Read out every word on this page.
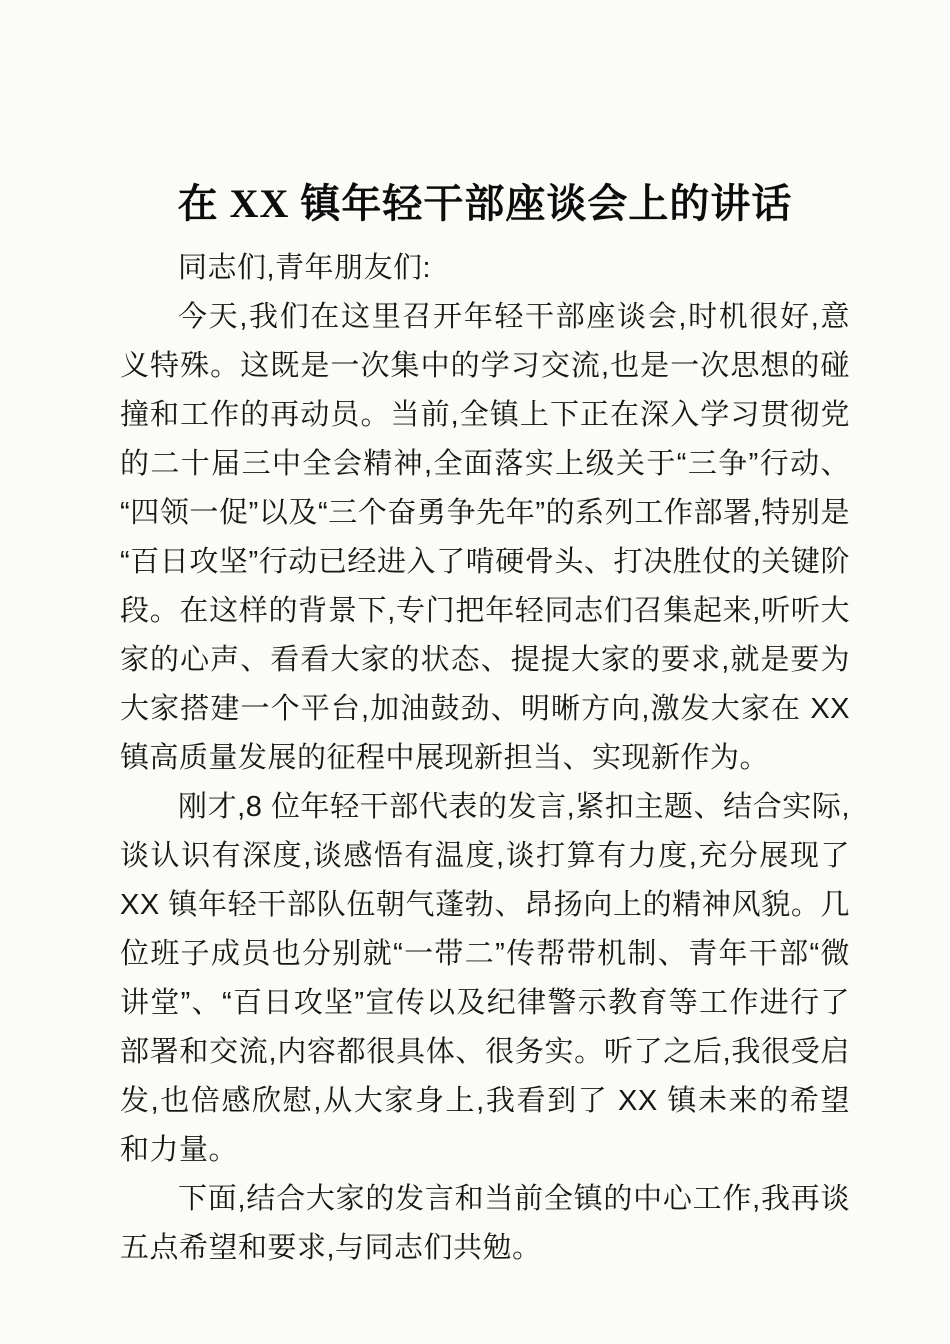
在 XX 镇年轻干部座谈会上的讲话

同志们,青年朋友们:

今天,我们在这里召开年轻干部座谈会,时机很好,意义特殊。这既是一次集中的学习交流,也是一次思想的碰撞和工作的再动员。当前,全镇上下正在深入学习贯彻党的二十届三中全会精神,全面落实上级关于“三争”行动、“四领一促”以及“三个奋勇争先年”的系列工作部署,特别是“百日攻坚”行动已经进入了啃硬骨头、打决胜仗的关键阶段。在这样的背景下,专门把年轻同志们召集起来,听听大家的心声、看看大家的状态、提提大家的要求,就是要为大家搭建一个平台,加油鼓劲、明晰方向,激发大家在 XX 镇高质量发展的征程中展现新担当、实现新作为。

刚才,8 位年轻干部代表的发言,紧扣主题、结合实际,谈认识有深度,谈感悟有温度,谈打算有力度,充分展现了 XX 镇年轻干部队伍朝气蓬勃、昂扬向上的精神风貌。几位班子成员也分别就“一带二”传帮带机制、青年干部“微讲堂”、“百日攻坚”宣传以及纪律警示教育等工作进行了部署和交流,内容都很具体、很务实。听了之后,我很受启发,也倍感欣慰,从大家身上,我看到了 XX 镇未来的希望和力量。

下面,结合大家的发言和当前全镇的中心工作,我再谈五点希望和要求,与同志们共勉。
